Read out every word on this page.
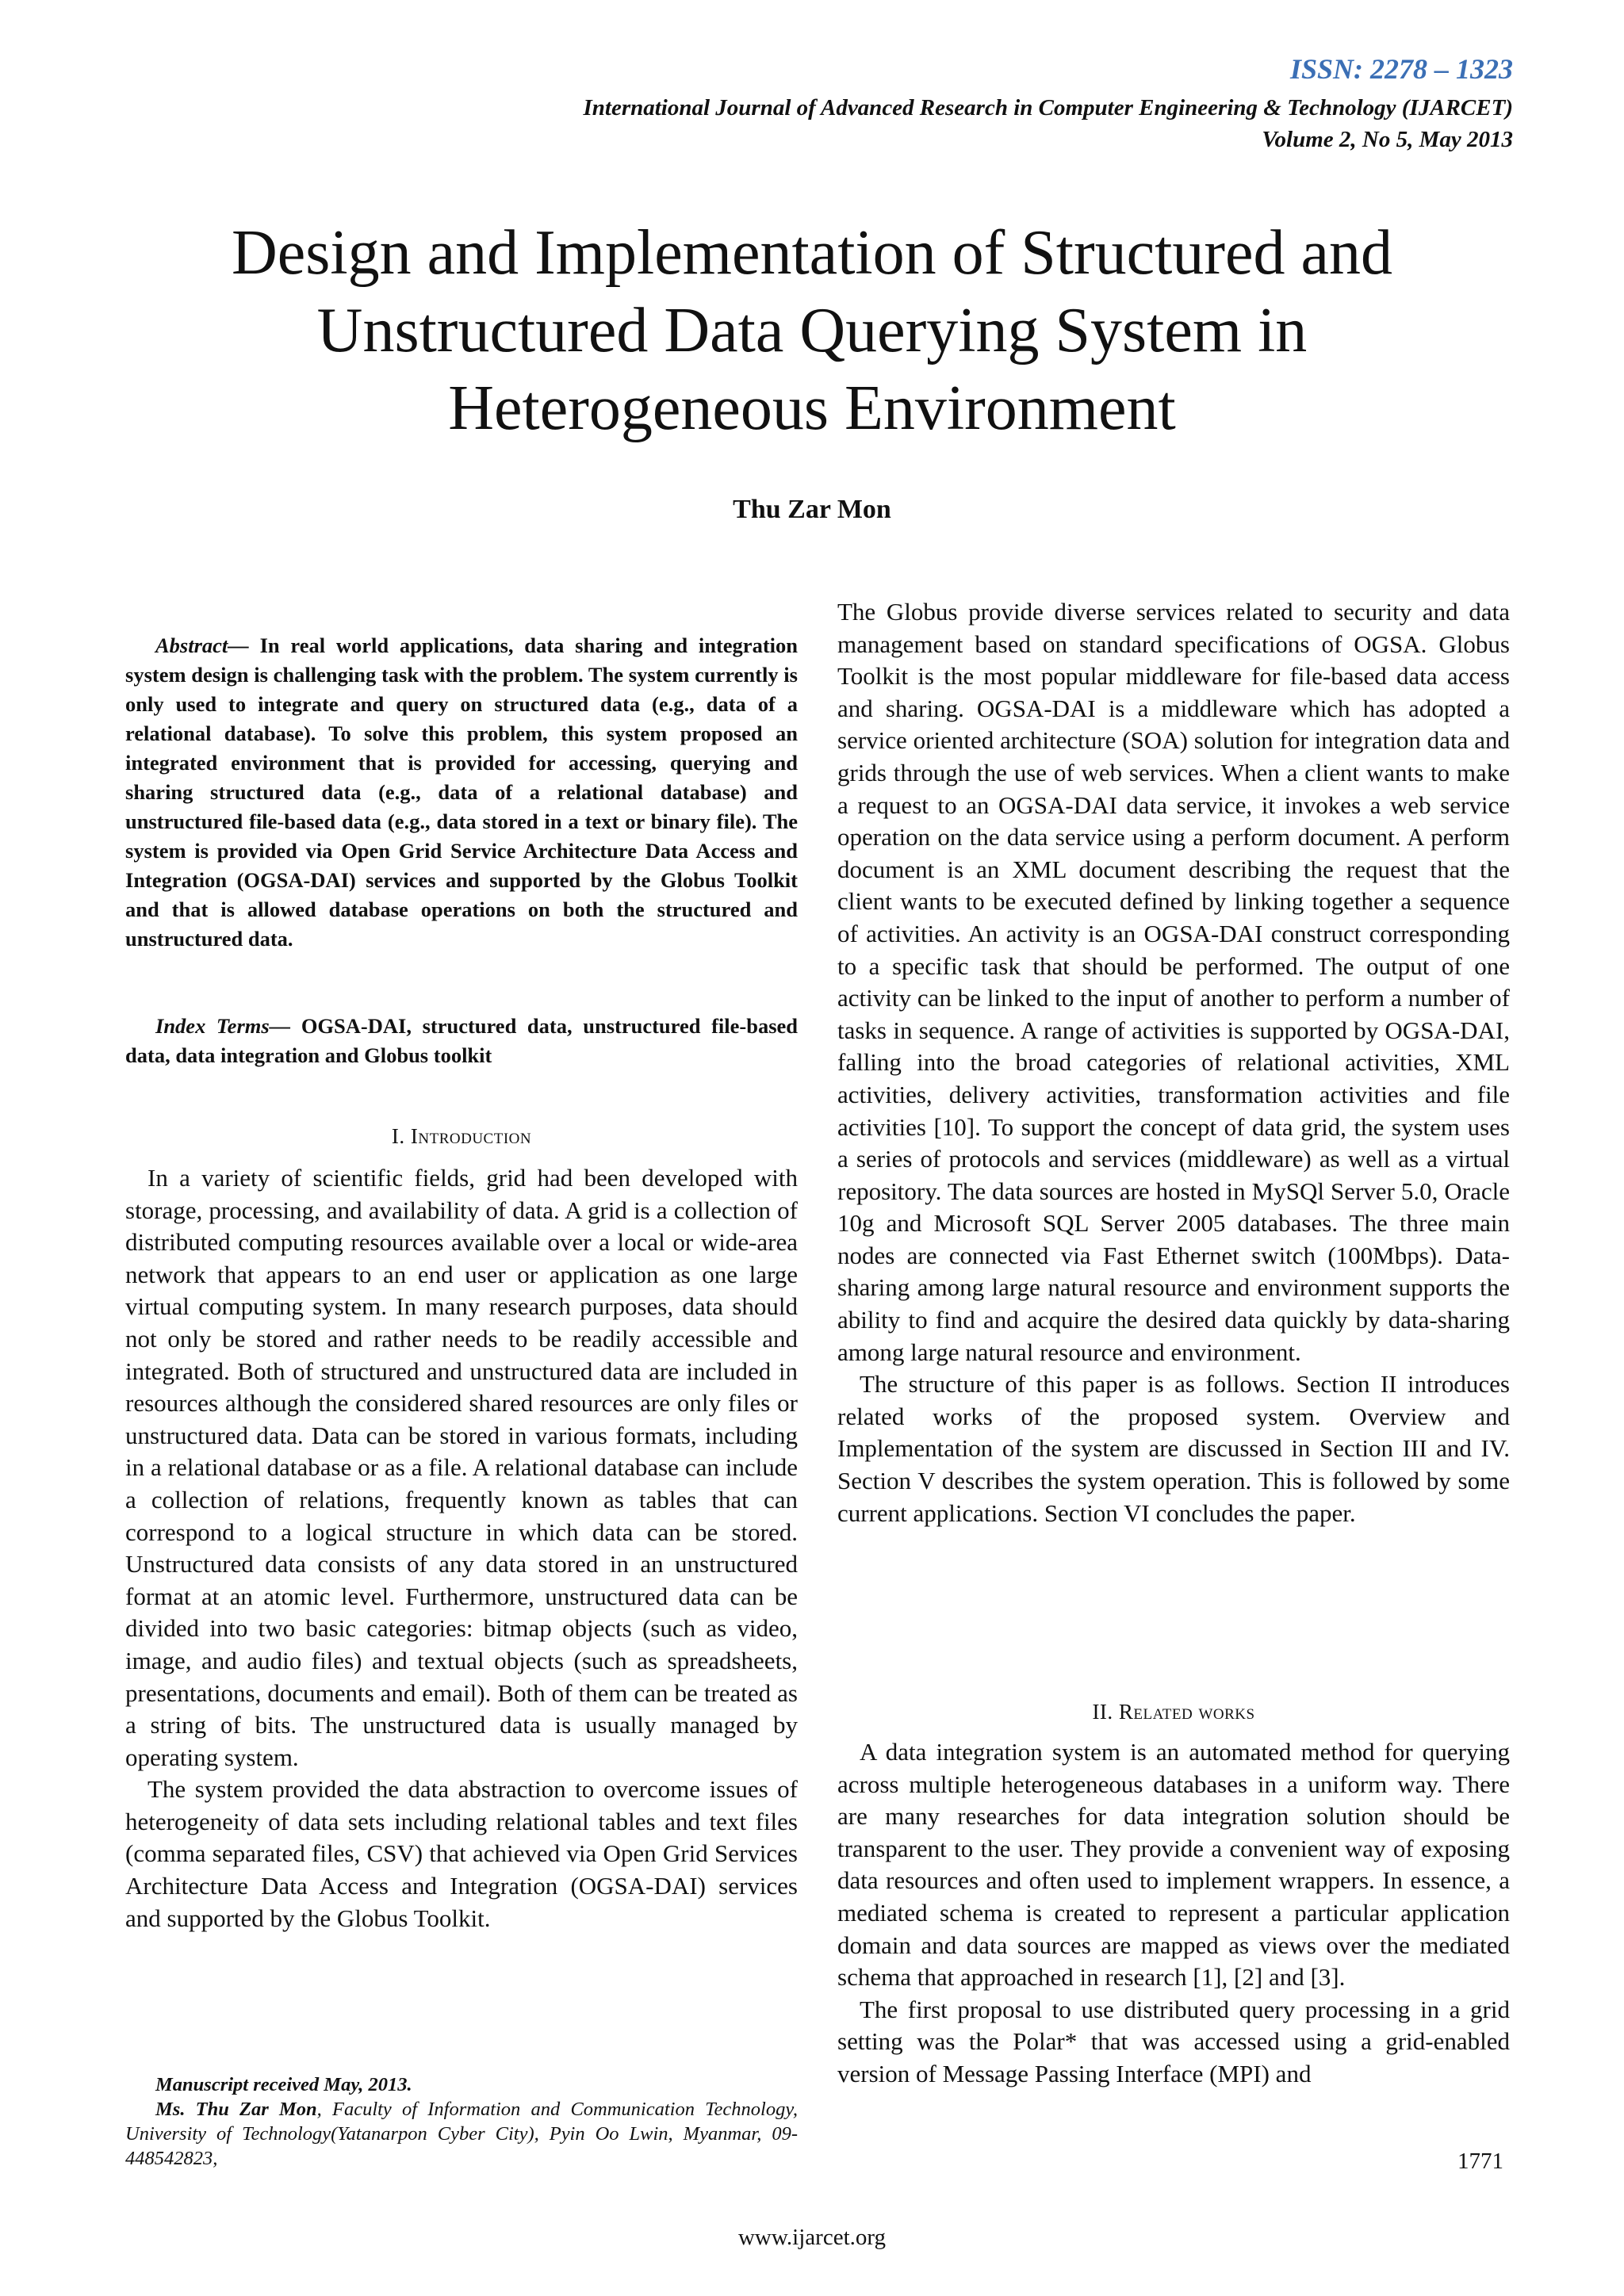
ISSN: 2278 – 1323
International Journal of Advanced Research in Computer Engineering & Technology (IJARCET)
Volume 2, No 5, May 2013
Design and Implementation of Structured and Unstructured Data Querying System in Heterogeneous Environment
Thu Zar Mon
Abstract— In real world applications, data sharing and integration system design is challenging task with the problem. The system currently is only used to integrate and query on structured data (e.g., data of a relational database). To solve this problem, this system proposed an integrated environment that is provided for accessing, querying and sharing structured data (e.g., data of a relational database) and unstructured file-based data (e.g., data stored in a text or binary file). The system is provided via Open Grid Service Architecture Data Access and Integration (OGSA-DAI) services and supported by the Globus Toolkit and that is allowed database operations on both the structured and unstructured data.
Index Terms— OGSA-DAI, structured data, unstructured file-based data, data integration and Globus toolkit
I. Introduction

In a variety of scientific fields, grid had been developed with storage, processing, and availability of data. A grid is a collection of distributed computing resources available over a local or wide-area network that appears to an end user or application as one large virtual computing system. In many research purposes, data should not only be stored and rather needs to be readily accessible and integrated. Both of structured and unstructured data are included in resources although the considered shared resources are only files or unstructured data. Data can be stored in various formats, including in a relational database or as a file. A relational database can include a collection of relations, frequently known as tables that can correspond to a logical structure in which data can be stored. Unstructured data consists of any data stored in an unstructured format at an atomic level. Furthermore, unstructured data can be divided into two basic categories: bitmap objects (such as video, image, and audio files) and textual objects (such as spreadsheets, presentations, documents and email). Both of them can be treated as a string of bits. The unstructured data is usually managed by operating system.

The system provided the data abstraction to overcome issues of heterogeneity of data sets including relational tables and text files (comma separated files, CSV) that achieved via Open Grid Services Architecture Data Access and Integration (OGSA-DAI) services and supported by the Globus Toolkit.

Manuscript received May, 2013.

Ms. Thu Zar Mon, Faculty of Information and Communication Technology, University of Technology(Yatanarpon Cyber City), Pyin Oo Lwin, Myanmar, 09-448542823,

The Globus provide diverse services related to security and data management based on standard specifications of OGSA. Globus Toolkit is the most popular middleware for file-based data access and sharing. OGSA-DAI is a middleware which has adopted a service oriented architecture (SOA) solution for integration data and grids through the use of web services. When a client wants to make a request to an OGSA-DAI data service, it invokes a web service operation on the data service using a perform document. A perform document is an XML document describing the request that the client wants to be executed defined by linking together a sequence of activities. An activity is an OGSA-DAI construct corresponding to a specific task that should be performed. The output of one activity can be linked to the input of another to perform a number of tasks in sequence. A range of activities is supported by OGSA-DAI, falling into the broad categories of relational activities, XML activities, delivery activities, transformation activities and file activities [10]. To support the concept of data grid, the system uses a series of protocols and services (middleware) as well as a virtual repository. The data sources are hosted in MySQl Server 5.0, Oracle 10g and Microsoft SQL Server 2005 databases. The three main nodes are connected via Fast Ethernet switch (100Mbps). Data-sharing among large natural resource and environment supports the ability to find and acquire the desired data quickly by data-sharing among large natural resource and environment.

The structure of this paper is as follows. Section II introduces related works of the proposed system. Overview and Implementation of the system are discussed in Section III and IV. Section V describes the system operation. This is followed by some current applications. Section VI concludes the paper.

II. Related works

A data integration system is an automated method for querying across multiple heterogeneous databases in a uniform way. There are many researches for data integration solution should be transparent to the user. They provide a convenient way of exposing data resources and often used to implement wrappers. In essence, a mediated schema is created to represent a particular application domain and data sources are mapped as views over the mediated schema that approached in research [1], [2] and [3].

The first proposal to use distributed query processing in a grid setting was the Polar* that was accessed using a grid-enabled version of Message Passing Interface (MPI) and

1771
www.ijarcet.org
